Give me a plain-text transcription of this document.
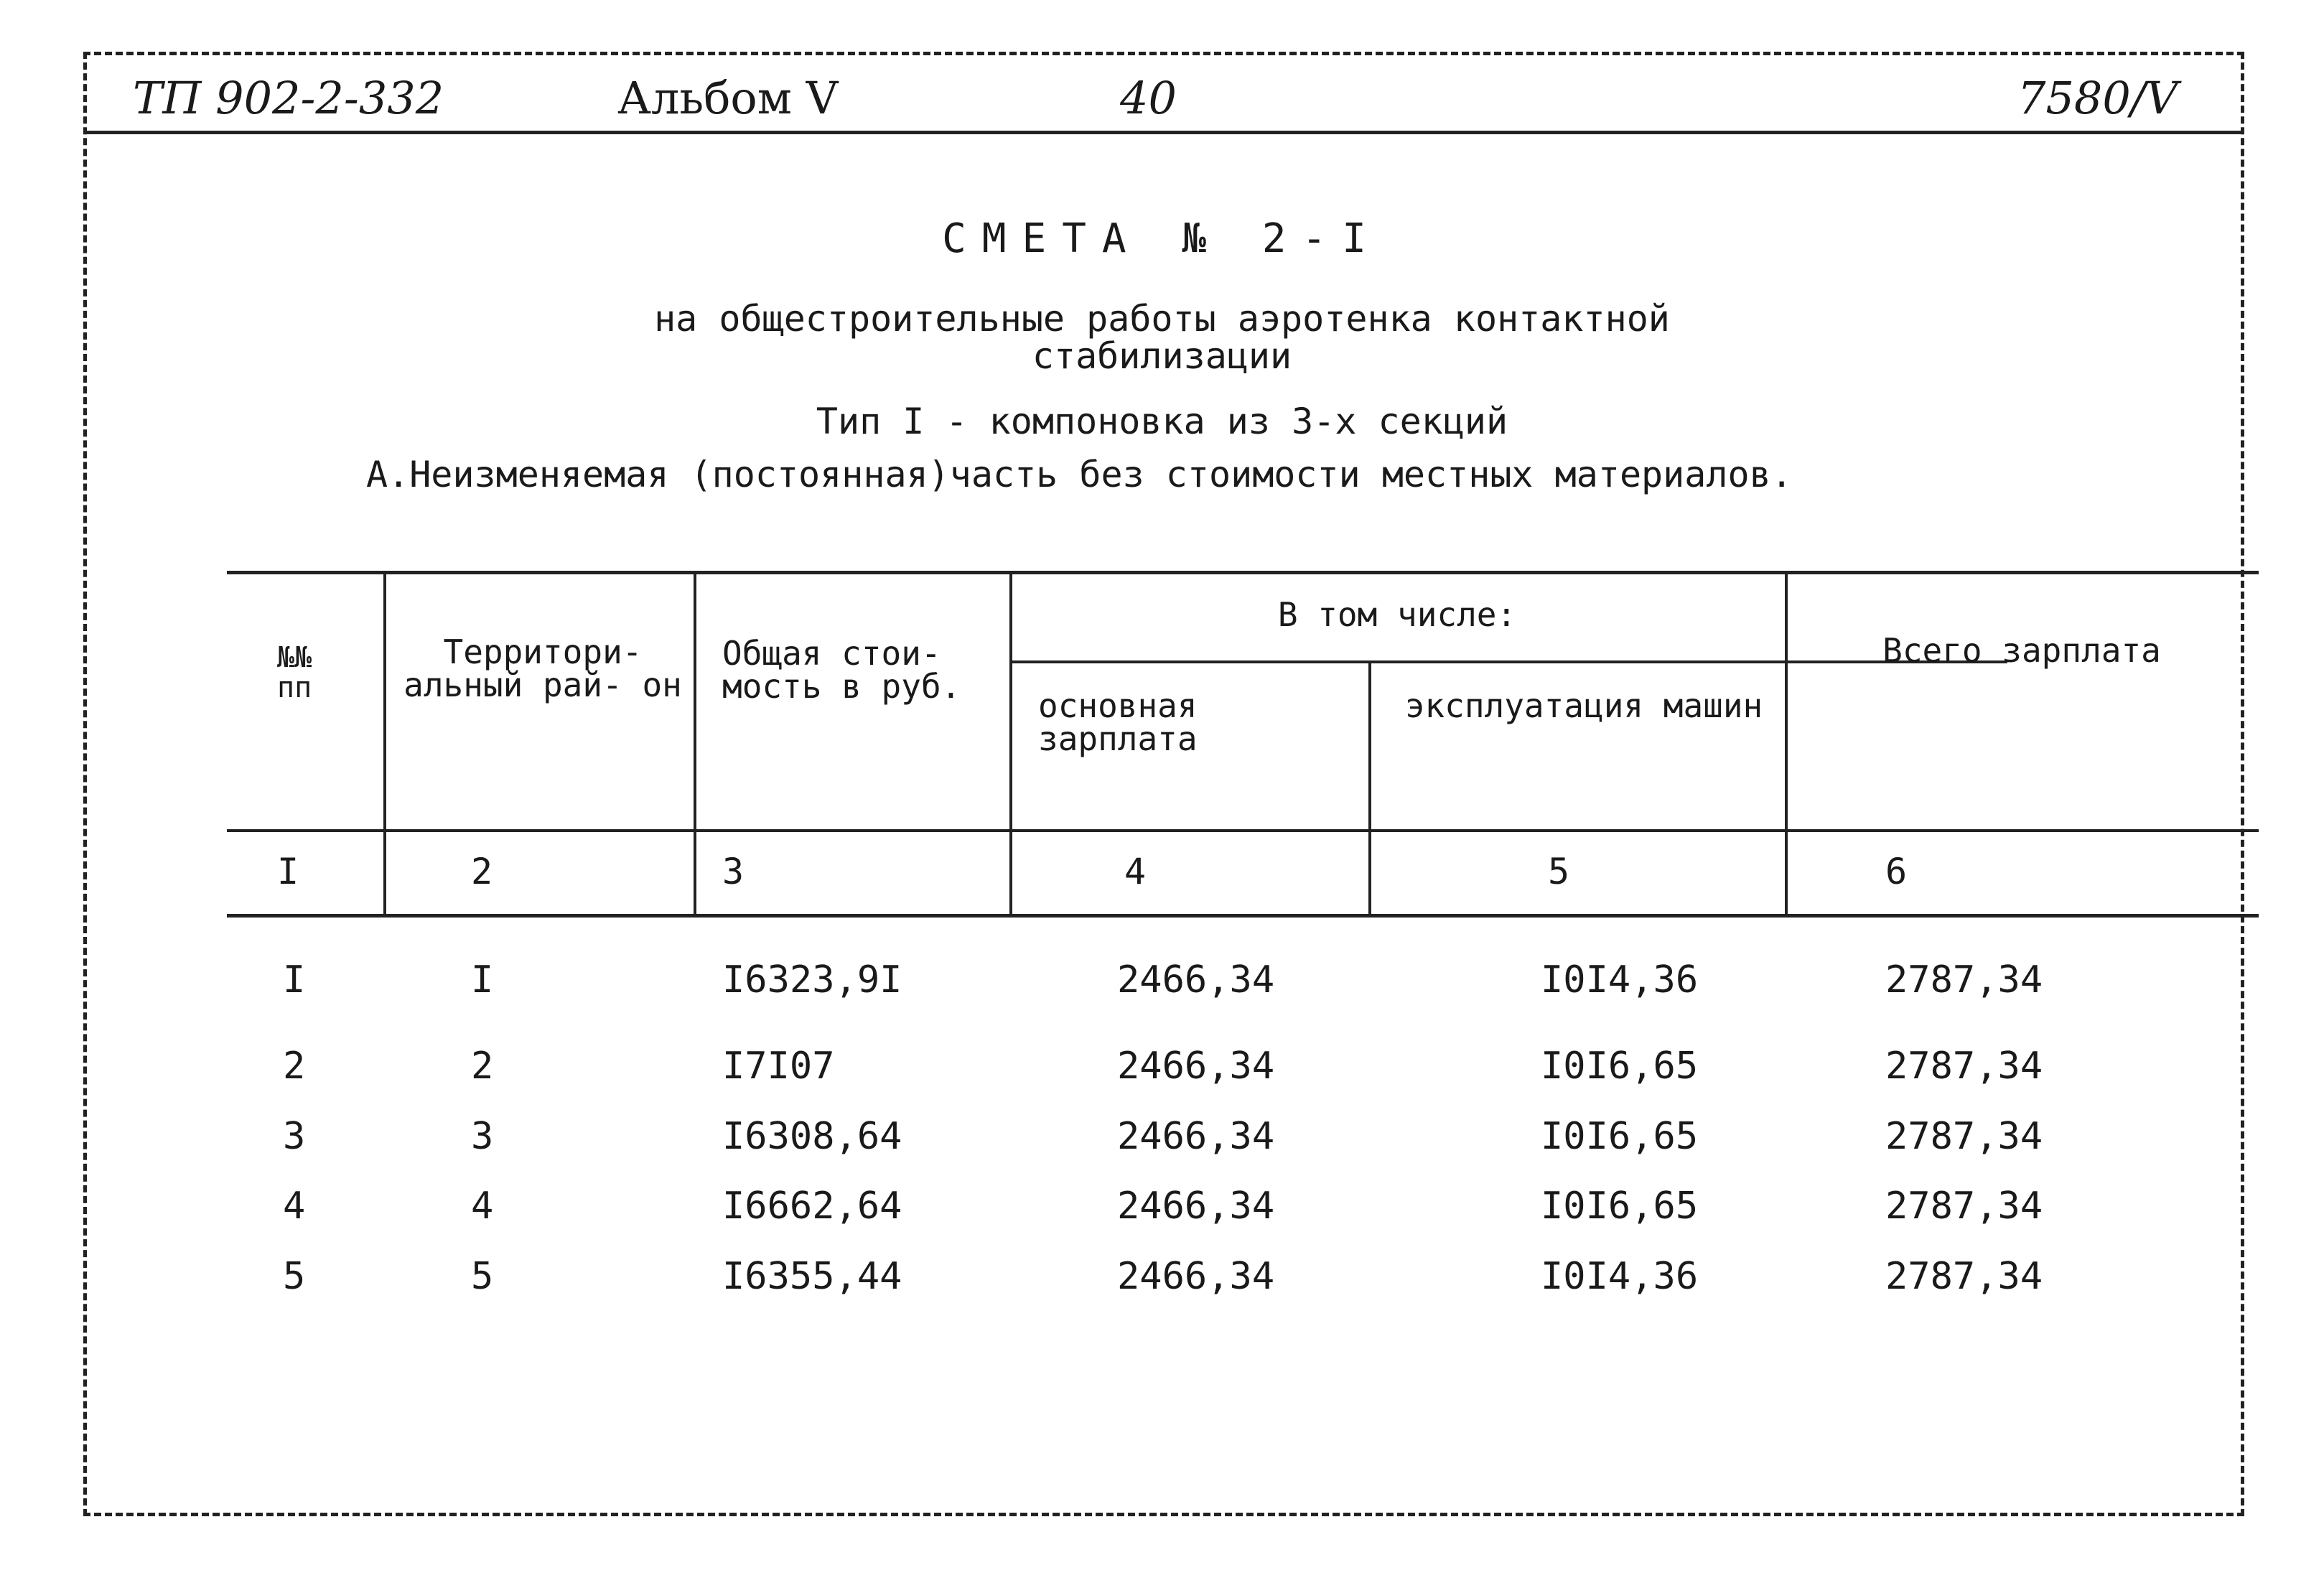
ТП 902-2-332	Альбом V	40	7580/V
СМЕТА № 2-I
на общестроительные работы аэротенка контактной
стабилизации
Тип I - компоновка из 3-х секций
А.Неизменяемая (постоянная)часть без стоимости местных материалов.
№№ пп
Территори- альный рай- он
Общая стои- мость в руб.
В том числе:
основная зарплата
эксплуатация машин
Всего зарплата
I	2	3	4	5	6
I	I	I6323,9I	2466,34	I0I4,36	2787,34
2	2	I7I07	2466,34	I0I6,65	2787,34
3	3	I6308,64	2466,34	I0I6,65	2787,34
4	4	I6662,64	2466,34	I0I6,65	2787,34
5	5	I6355,44	2466,34	I0I4,36	2787,34
